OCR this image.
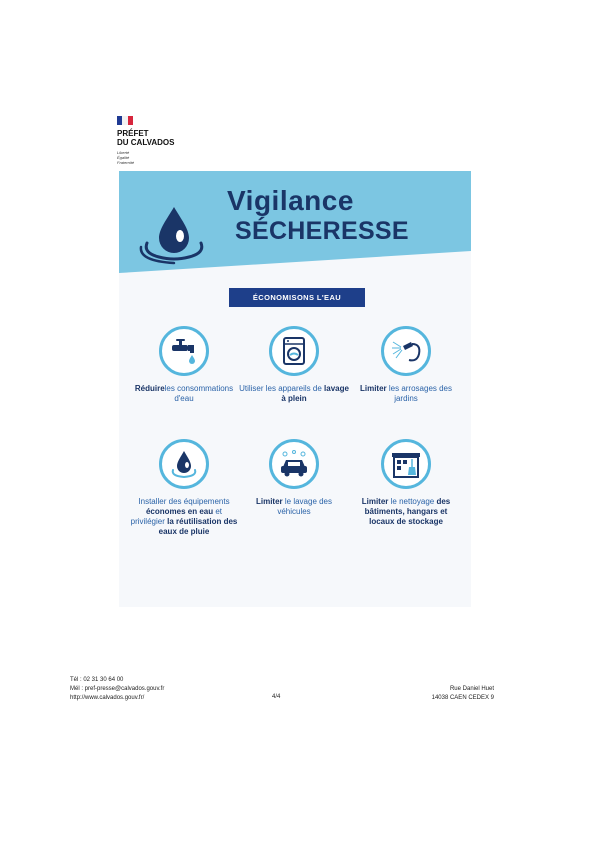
PRÉFET
DU CALVADOS
Liberté
Égalité
Fraternité
Vigilance
SÉCHERESSE
ÉCONOMISONS L'EAU
Réduireles consommations d'eau
Utiliser les appareils de lavage à plein
Limiter les arrosages des jardins
Installer des équipements économes en eau et privilégier la réutilisation des eaux de pluie
Limiter le lavage des véhicules
Limiter le nettoyage des bâtiments, hangars et locaux de stockage
Tél : 02 31 30 64 00
Mél : pref-presse@calvados.gouv.fr
http://www.calvados.gouv.fr/	4/4
Rue Daniel Huet
14038 CAEN CEDEX 9
